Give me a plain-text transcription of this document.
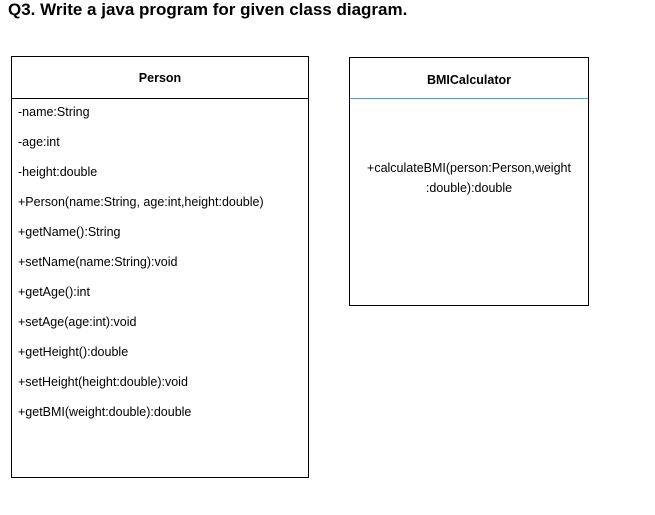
Q3. Write a java program for given class diagram.
Person
-name:String
-age:int
-height:double
+Person(name:String, age:int,height:double)
+getName():String
+setName(name:String):void
+getAge():int
+setAge(age:int):void
+getHeight():double
+setHeight(height:double):void
+getBMI(weight:double):double
BMICalculator
+calculateBMI(person:Person,weight
:double):double
